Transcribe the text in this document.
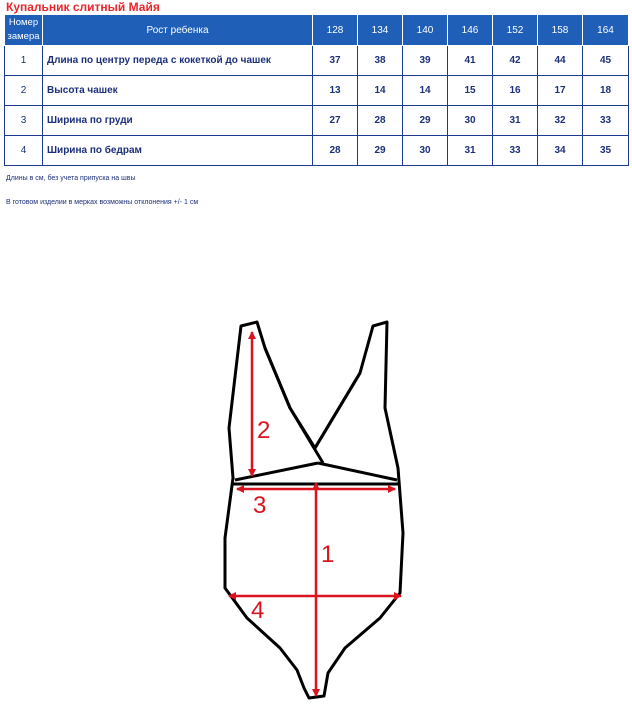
Купальник слитный Майя
Номер
замера	Рост ребенка	128	134	140	146	152	158	164
1	Длина по центру переда с кокеткой до чашек	37	38	39	41	42	44	45
2	Высота чашек	13	14	14	15	16	17	18
3	Ширина по груди	27	28	29	30	31	32	33
4	Ширина по бедрам	28	29	30	31	33	34	35
Длины в см, без учета припуска на швы
В готовом изделии в мерках возможны отклонения +/- 1 см
2
3
1
4
